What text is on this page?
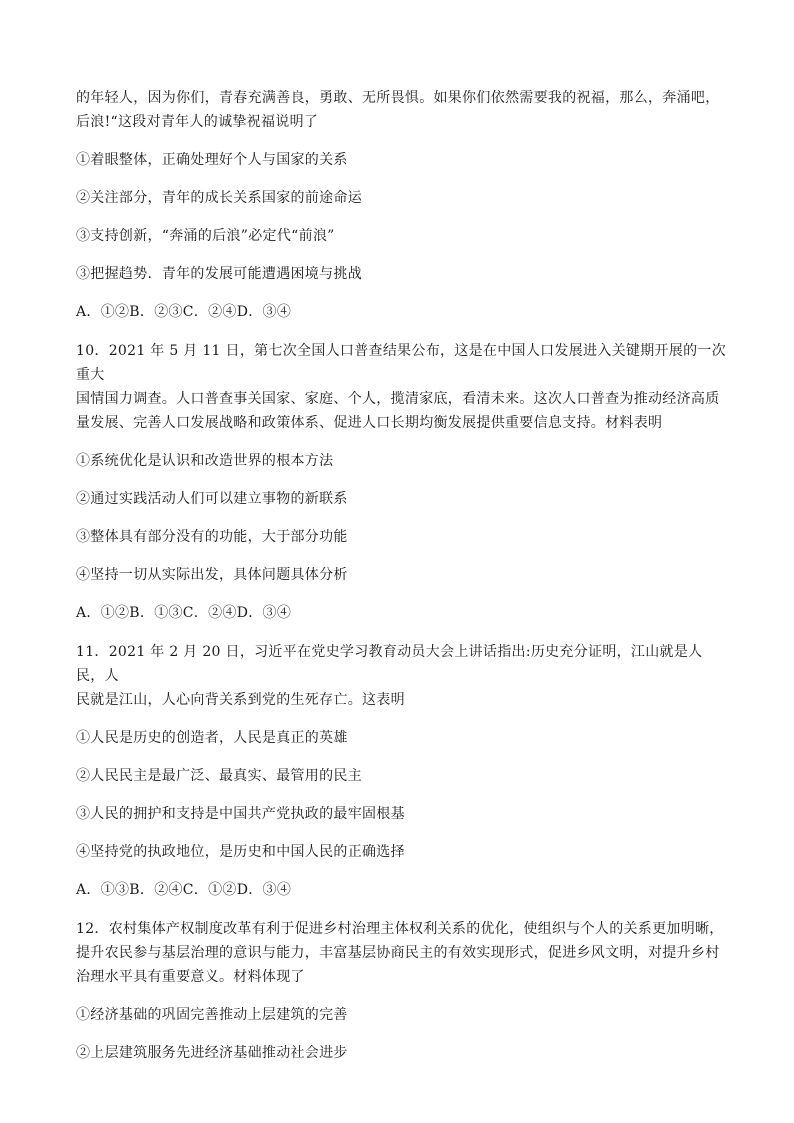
的年轻人，因为你们，青春充满善良，勇敢、无所畏惧。如果你们依然需要我的祝福，那么，奔涌吧，

后浪!“这段对青年人的诚挚祝福说明了

①着眼整体，正确处理好个人与国家的关系

②关注部分，青年的成长关系国家的前途命运

③支持创新，“奔涌的后浪”必定代“前浪”

③把握趋势．青年的发展可能遭遇困境与挑战

A．①②B．②③C．②④D．③④

10．2021 年 5 月 11 日，第七次全国人口普查结果公布，这是在中国人口发展进入关键期开展的一次重大

国情国力调查。人口普查事关国家、家庭、个人，揽清家底，看清未来。这次人口普查为推动经济高质

量发展、完善人口发展战略和政策体系、促进人口长期均衡发展提供重要信息支持。材料表明

①系统优化是认识和改造世界的根本方法

②通过实践活动人们可以建立事物的新联系

③整体具有部分没有的功能，大于部分功能

④坚持一切从实际出发，具体问题具体分析

A．①②B．①③C．②④D．③④

11．2021 年 2 月 20 日，习近平在党史学习教育动员大会上讲话指出:历史充分证明，江山就是人民，人

民就是江山，人心向背关系到党的生死存亡。这表明

①人民是历史的创造者，人民是真正的英雄

②人民民主是最广泛、最真实、最管用的民主

③人民的拥护和支持是中国共产党执政的最牢固根基

④坚持党的执政地位，是历史和中国人民的正确选择

A．①③B．②④C．①②D．③④

12．农村集体产权制度改革有利于促进乡村治理主体权利关系的优化，使组织与个人的关系更加明晰，

提升农民参与基层治理的意识与能力，丰富基层协商民主的有效实现形式，促进乡风文明，对提升乡村

治理水平具有重要意义。材料体现了

①经济基础的巩固完善推动上层建筑的完善

②上层建筑服务先进经济基础推动社会进步
